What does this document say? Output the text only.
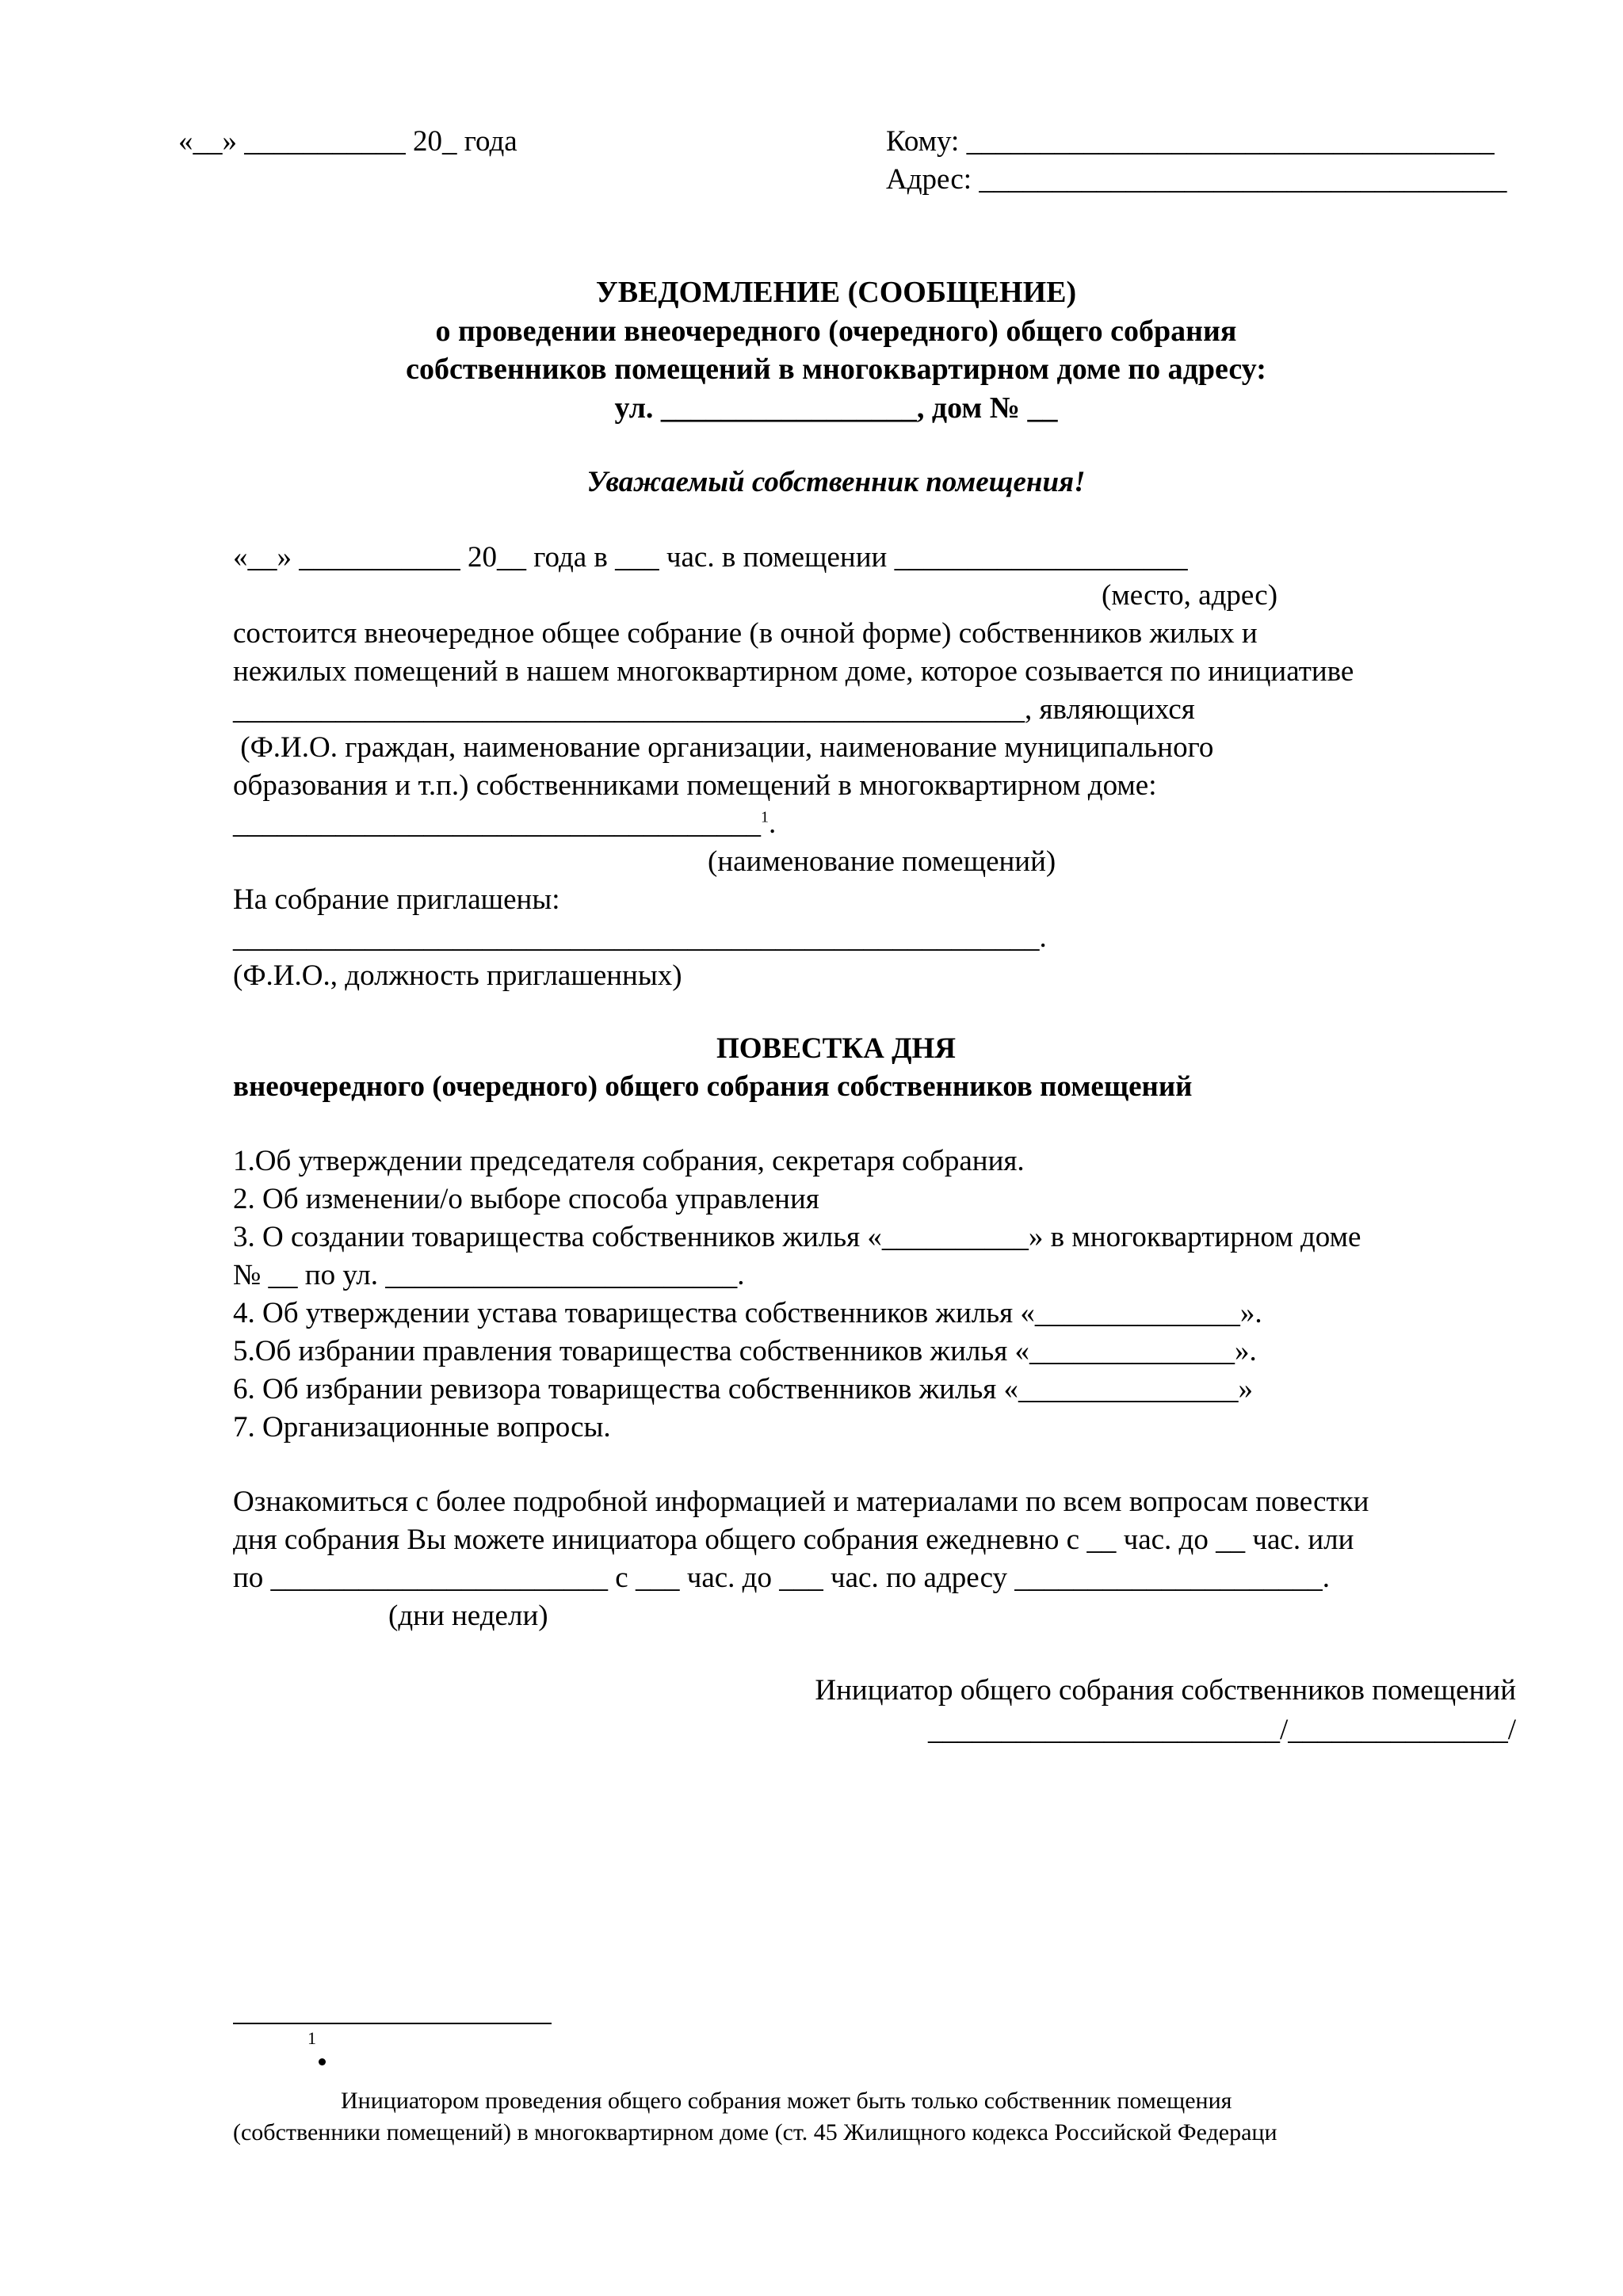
«__» ___________ 20_ года	Кому: ____________________________________
Адрес: ____________________________________
УВЕДОМЛЕНИЕ (СООБЩЕНИЕ)
о проведении внеочередного (очередного) общего собрания
собственников помещений в многоквартирном доме по адресу:
ул. _________________, дом № __
Уважаемый собственник помещения!
«__» ___________ 20__ года в ___ час. в помещении ____________________
(место, адрес)
состоится внеочередное общее собрание (в очной форме) собственников жилых и
нежилых помещений в нашем многоквартирном доме, которое созывается по инициативе
______________________________________________________, являющихся
(Ф.И.О. граждан, наименование организации, наименование муниципального
образования и т.п.) собственниками помещений в многоквартирном доме:
____________________________________$^1$.
(наименование помещений)
На собрание приглашены:
_______________________________________________________.
(Ф.И.О., должность приглашенных)
ПОВЕСТКА ДНЯ
внеочередного (очередного) общего собрания собственников помещений
1.Об утверждении председателя собрания, секретаря собрания.
2. Об изменении/о выборе способа управления
3. О создании товарищества собственников жилья «__________» в многоквартирном доме
№ __ по ул. ________________________.
4. Об утверждении устава товарищества собственников жилья «______________».
5.Об избрании правления товарищества собственников жилья «______________».
6. Об избрании ревизора товарищества собственников жилья «_______________»
7. Организационные вопросы.
Ознакомиться с более подробной информацией и материалами по всем вопросам повестки
дня собрания Вы можете инициатора общего собрания ежедневно с __ час. до __ час. или
по _______________________ с ___ час. до ___ час. по адресу _____________________.
(дни недели)
Инициатор общего собрания собственников помещений
________________________/_______________/
1
Инициатором проведения общего собрания может быть только собственник помещения
(собственники помещений) в многоквартирном доме (ст. 45 Жилищного кодекса Российской Федераци
